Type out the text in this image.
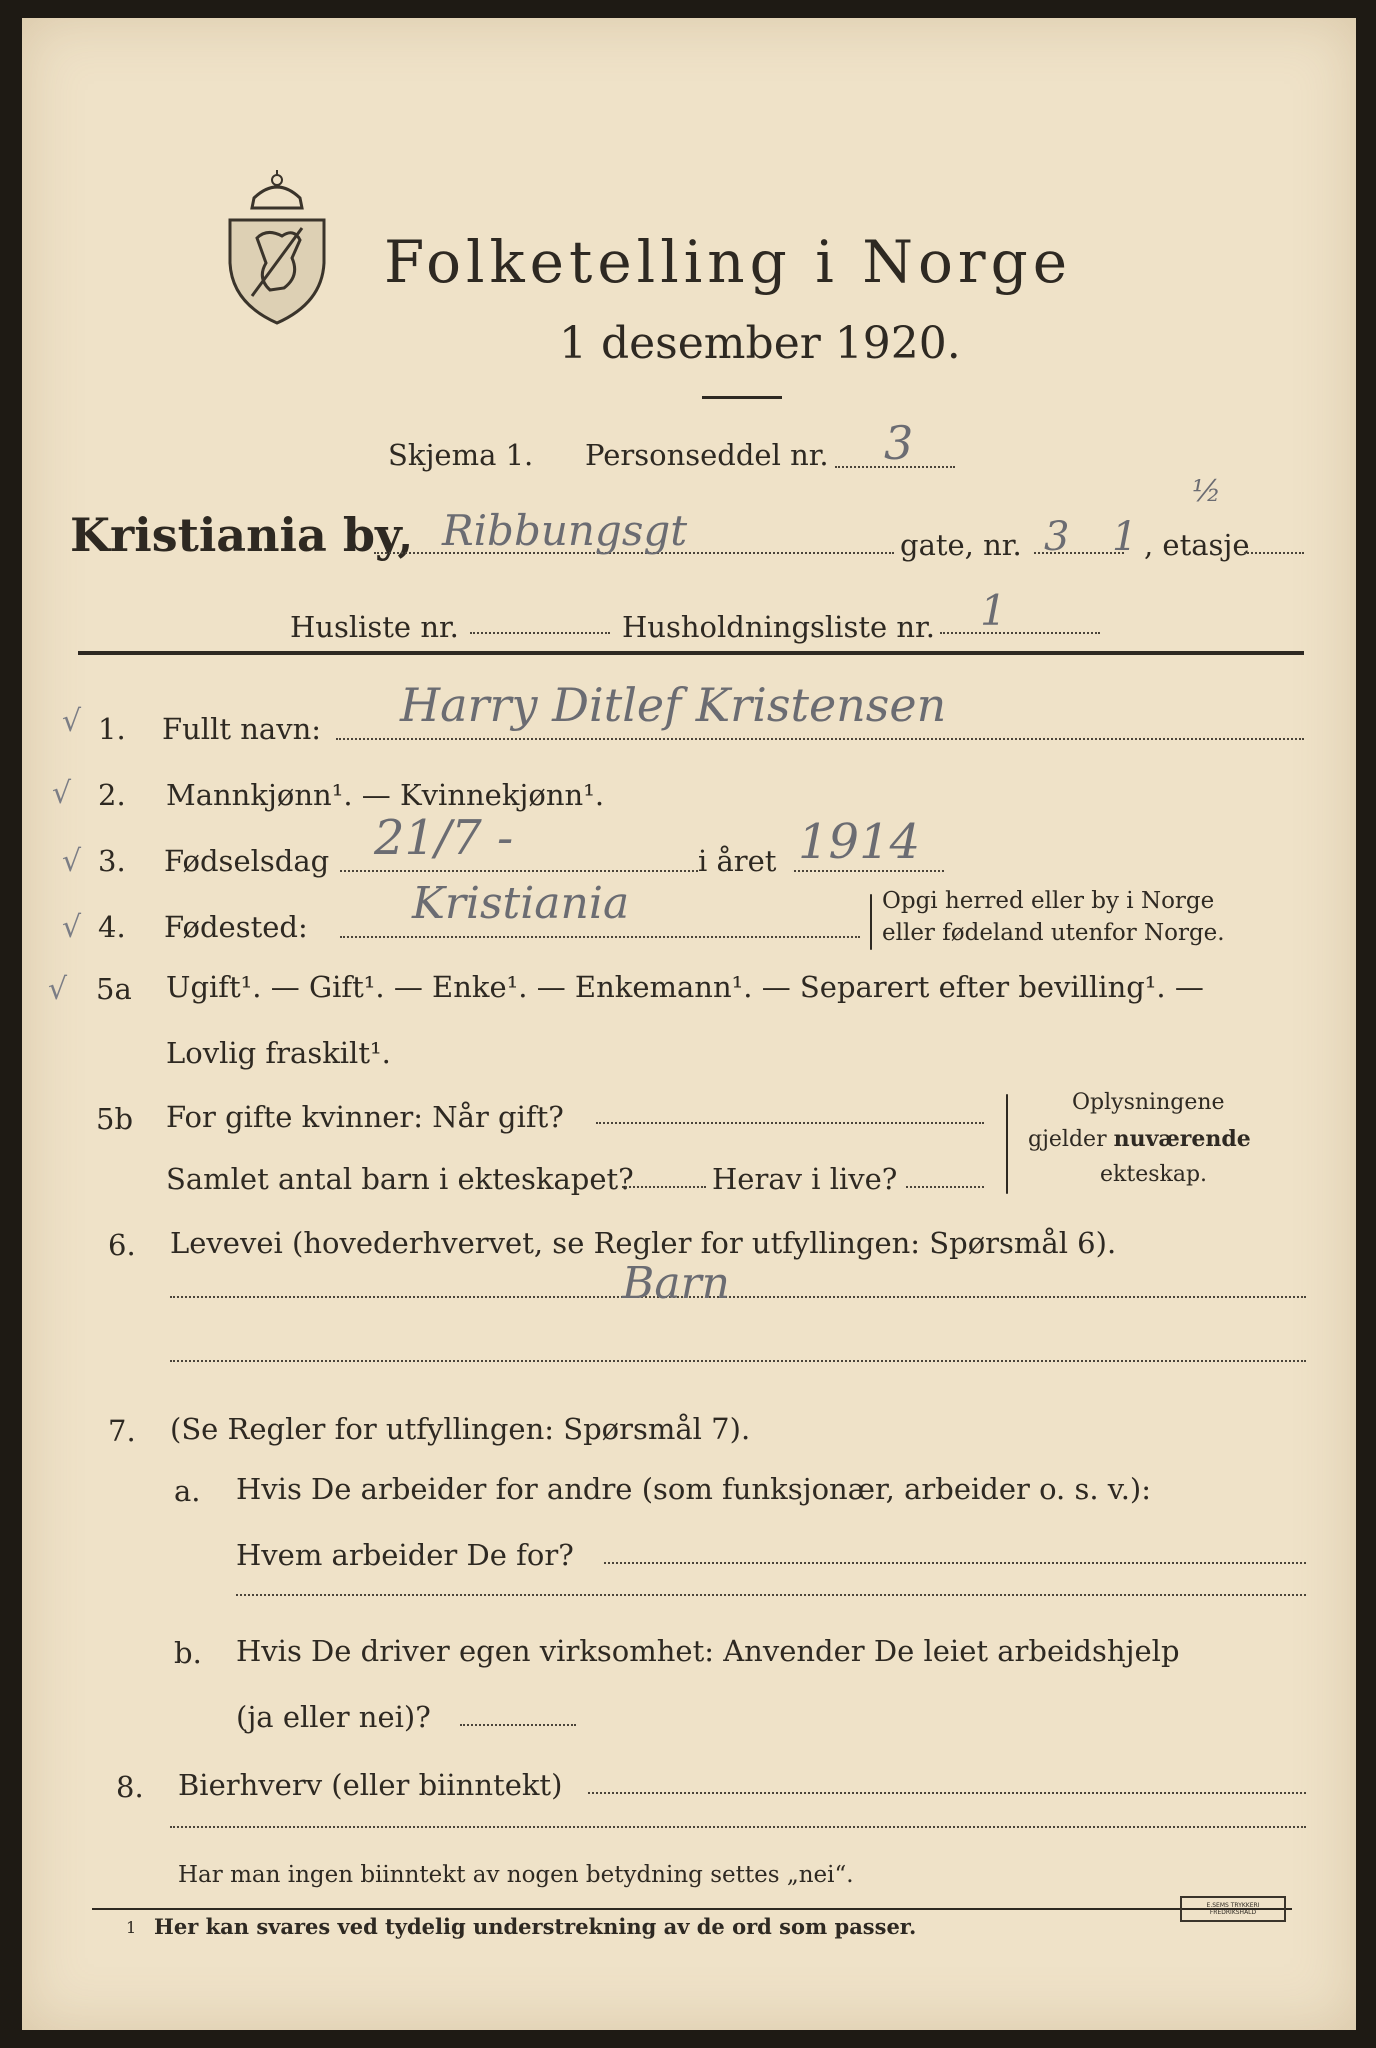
Folketelling i Norge
1 desember 1920.
Skjema 1. Personseddel nr. 3
Kristiania by, Ribbungsgt	gate, nr. 3 1
½
, etasje
Husliste nr.	Husholdningsliste nr. 1
√
√
√
√
√
1. Fullt navn: Harry Ditlef Kristensen
2. Mannkjønn¹. — Kvinnekjønn¹.
3. Fødselsdag 21/7 -	i året 1914
4. Fødested: Kristiania	Opgi herred eller by i Norge
eller fødeland utenfor Norge.
5a Ugift¹. — Gift¹. — Enke¹. — Enkemann¹. — Separert efter bevilling¹. —
Lovlig fraskilt¹.
5b For gifte kvinner: Når gift?
Samlet antal barn i ekteskapet?	Herav i live?
Oplysningene
gjelder nuværende
ekteskap.
6. Levevei (hovederhvervet, se Regler for utfyllingen: Spørsmål 6).
Barn
7. (Se Regler for utfyllingen: Spørsmål 7).
a. Hvis De arbeider for andre (som funksjonær, arbeider o. s. v.):
Hvem arbeider De for?
b. Hvis De driver egen virksomhet: Anvender De leiet arbeidshjelp
(ja eller nei)?
8. Bierhverv (eller biinntekt)
Har man ingen biinntekt av nogen betydning settes „nei“.
1 Her kan svares ved tydelig understrekning av de ord som passer.
E.SEMS TRYKKERI FREDRIKSHALD
